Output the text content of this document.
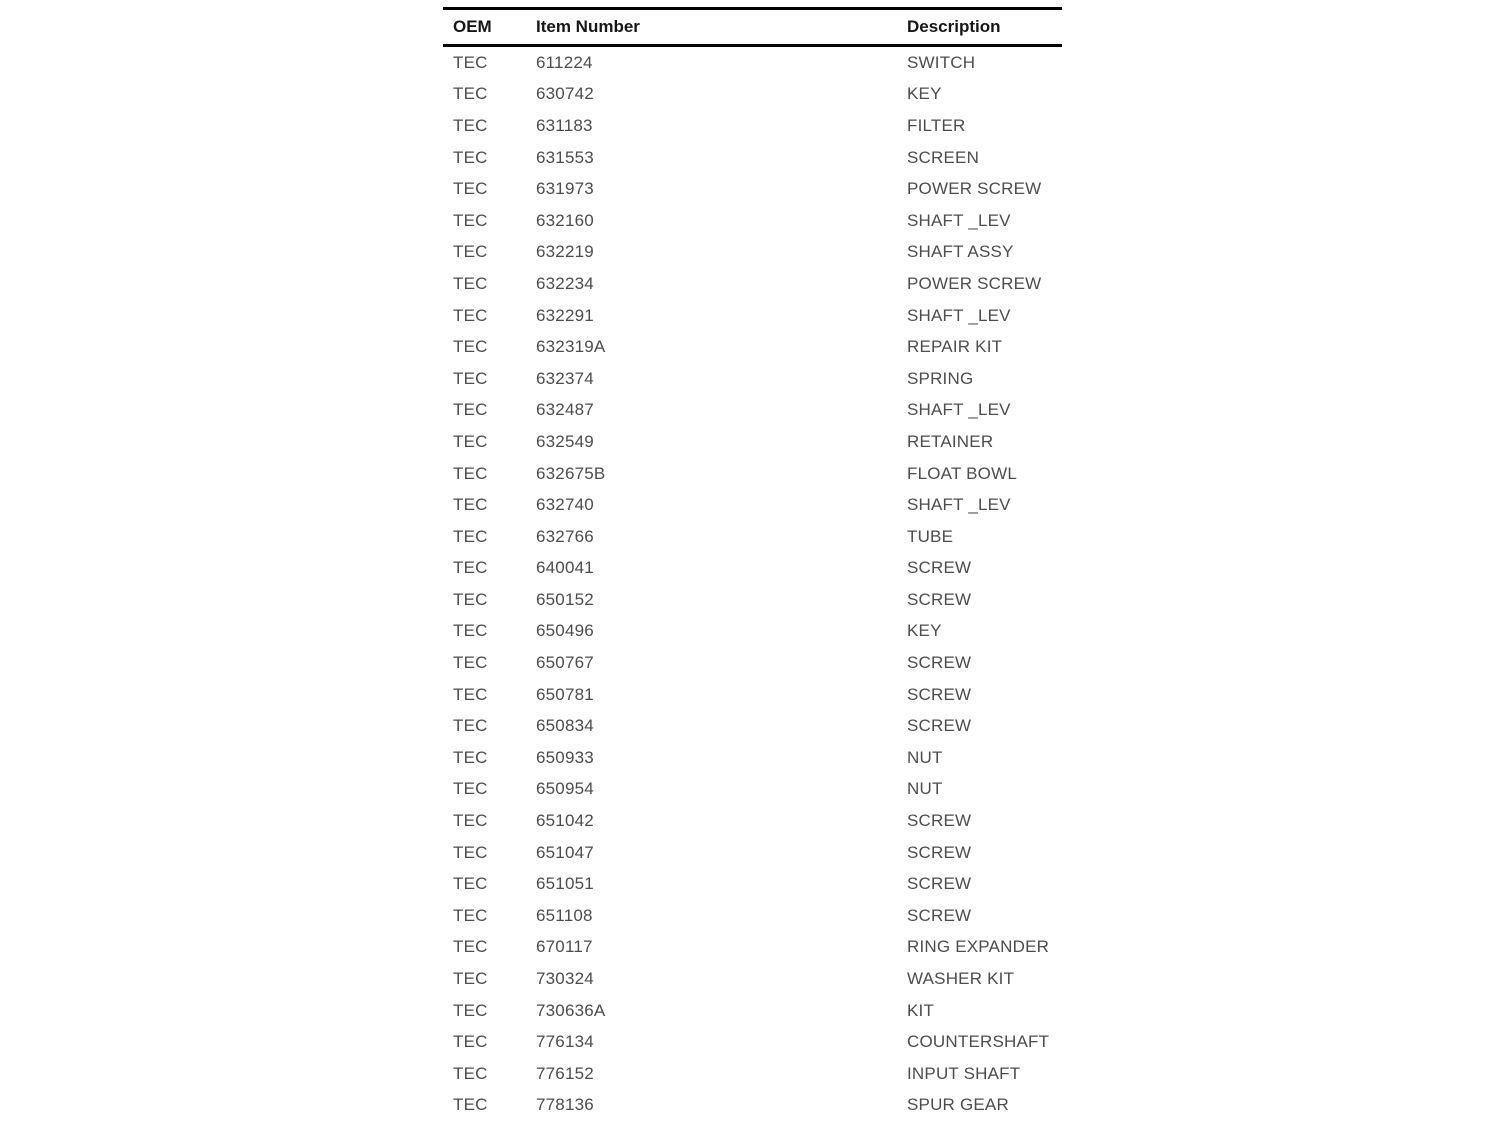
OEM	Item Number	Description
TEC	611224	SWITCH
TEC	630742	KEY
TEC	631183	FILTER
TEC	631553	SCREEN
TEC	631973	POWER SCREW
TEC	632160	SHAFT _LEV
TEC	632219	SHAFT ASSY
TEC	632234	POWER SCREW
TEC	632291	SHAFT _LEV
TEC	632319A	REPAIR KIT
TEC	632374	SPRING
TEC	632487	SHAFT _LEV
TEC	632549	RETAINER
TEC	632675B	FLOAT BOWL
TEC	632740	SHAFT _LEV
TEC	632766	TUBE
TEC	640041	SCREW
TEC	650152	SCREW
TEC	650496	KEY
TEC	650767	SCREW
TEC	650781	SCREW
TEC	650834	SCREW
TEC	650933	NUT
TEC	650954	NUT
TEC	651042	SCREW
TEC	651047	SCREW
TEC	651051	SCREW
TEC	651108	SCREW
TEC	670117	RING EXPANDER
TEC	730324	WASHER KIT
TEC	730636A	KIT
TEC	776134	COUNTERSHAFT
TEC	776152	INPUT SHAFT
TEC	778136	SPUR GEAR
